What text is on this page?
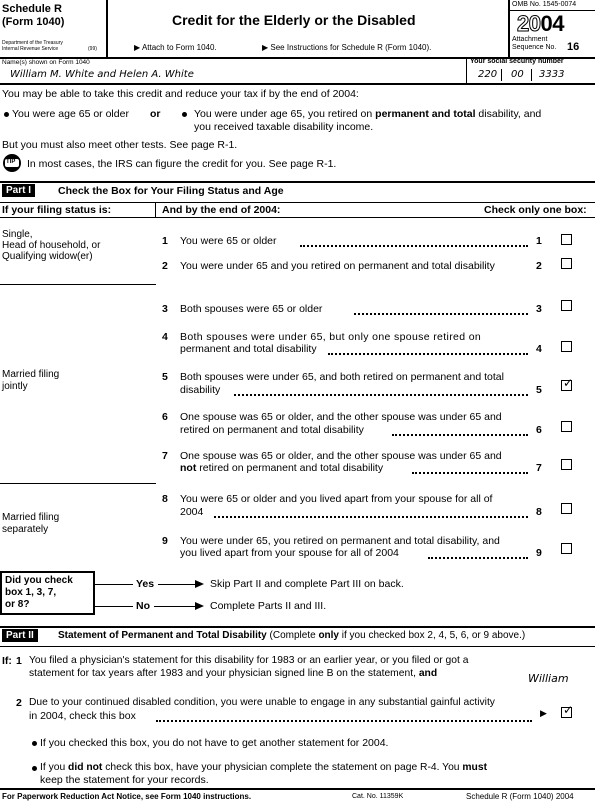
Schedule R
(Form 1040)
Department of the Treasury
Internal Revenue Service	(99)
Credit for the Elderly or the Disabled
▶ Attach to Form 1040.	▶ See Instructions for Schedule R (Form 1040).
OMB No. 1545-0074
2004
Attachment
Sequence No. 16
Name(s) shown on Form 1040
William M. White and Helen A. White
Your social security number
220 00 3333
You may be able to take this credit and reduce your tax if by the end of 2004:
You were age 65 or older or	You were under age 65, you retired on permanent and total disability, and
you received taxable disability income.
But you must also meet other tests. See page R-1.
TIP In most cases, the IRS can figure the credit for you. See page R-1.
Part I	Check the Box for Your Filing Status and Age
If your filing status is:	And by the end of 2004:	Check only one box:
Single,
Head of household, or
Qualifying widow(er)
Married filing
jointly
Married filing
separately
1 You were 65 or older	1
2 You were under 65 and you retired on permanent and total disability	2
3 Both spouses were 65 or older	3
4 Both spouses were under 65, but only one spouse retired on
permanent and total disability	4
5 Both spouses were under 65, and both retired on permanent and total
disability	5 ✓
6 One spouse was 65 or older, and the other spouse was under 65 and
retired on permanent and total disability	6
7 One spouse was 65 or older, and the other spouse was under 65 and
not retired on permanent and total disability	7
8 You were 65 or older and you lived apart from your spouse for all of
2004	8
9 You were under 65, you retired on permanent and total disability, and
you lived apart from your spouse for all of 2004	9
Did you check
box 1, 3, 7,
or 8?
Yes	Skip Part II and complete Part III on back.
No	Complete Parts II and III.
Part II	Statement of Permanent and Total Disability (Complete only if you checked box 2, 4, 5, 6, or 9 above.)
If: 1 You filed a physician's statement for this disability for 1983 or an earlier year, or you filed or got a
statement for tax years after 1983 and your physician signed line B on the statement, and	William
2 Due to your continued disabled condition, you were unable to engage in any substantial gainful activity
in 2004, check this box	▶ ✓
If you checked this box, you do not have to get another statement for 2004.
If you did not check this box, have your physician complete the statement on page R-4. You must
keep the statement for your records.
For Paperwork Reduction Act Notice, see Form 1040 instructions.	Cat. No. 11359K	Schedule R (Form 1040) 2004
